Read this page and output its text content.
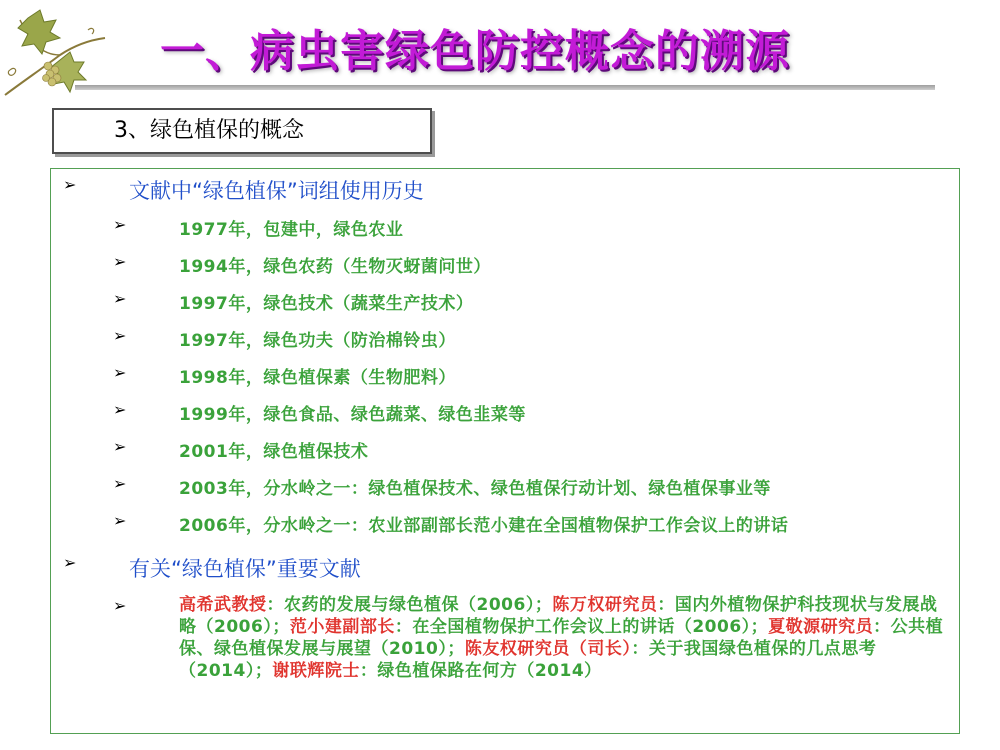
一、病虫害绿色防控概念的溯源
3、绿色植保的概念
➢	文献中“绿色植保”词组使用历史
➢	1977年，包建中，绿色农业
➢	1994年，绿色农药（生物灭蚜菌问世）
➢	1997年，绿色技术（蔬菜生产技术）
➢	1997年，绿色功夫（防治棉铃虫）
➢	1998年，绿色植保素（生物肥料）
➢	1999年，绿色食品、绿色蔬菜、绿色韭菜等
➢	2001年，绿色植保技术
➢	2003年，分水岭之一：绿色植保技术、绿色植保行动计划、绿色植保事业等
➢	2006年，分水岭之一：农业部副部长范小建在全国植物保护工作会议上的讲话
➢	有关“绿色植保”重要文献
➢	高希武教授：农药的发展与绿色植保（2006）；陈万权研究员：国内外植物保护科技现状与发展战略（2006）；范小建副部长：在全国植物保护工作会议上的讲话（2006）；夏敬源研究员：公共植保、绿色植保发展与展望（2010）；陈友权研究员（司长）：关于我国绿色植保的几点思考（2014）；谢联辉院士：绿色植保路在何方（2014）
